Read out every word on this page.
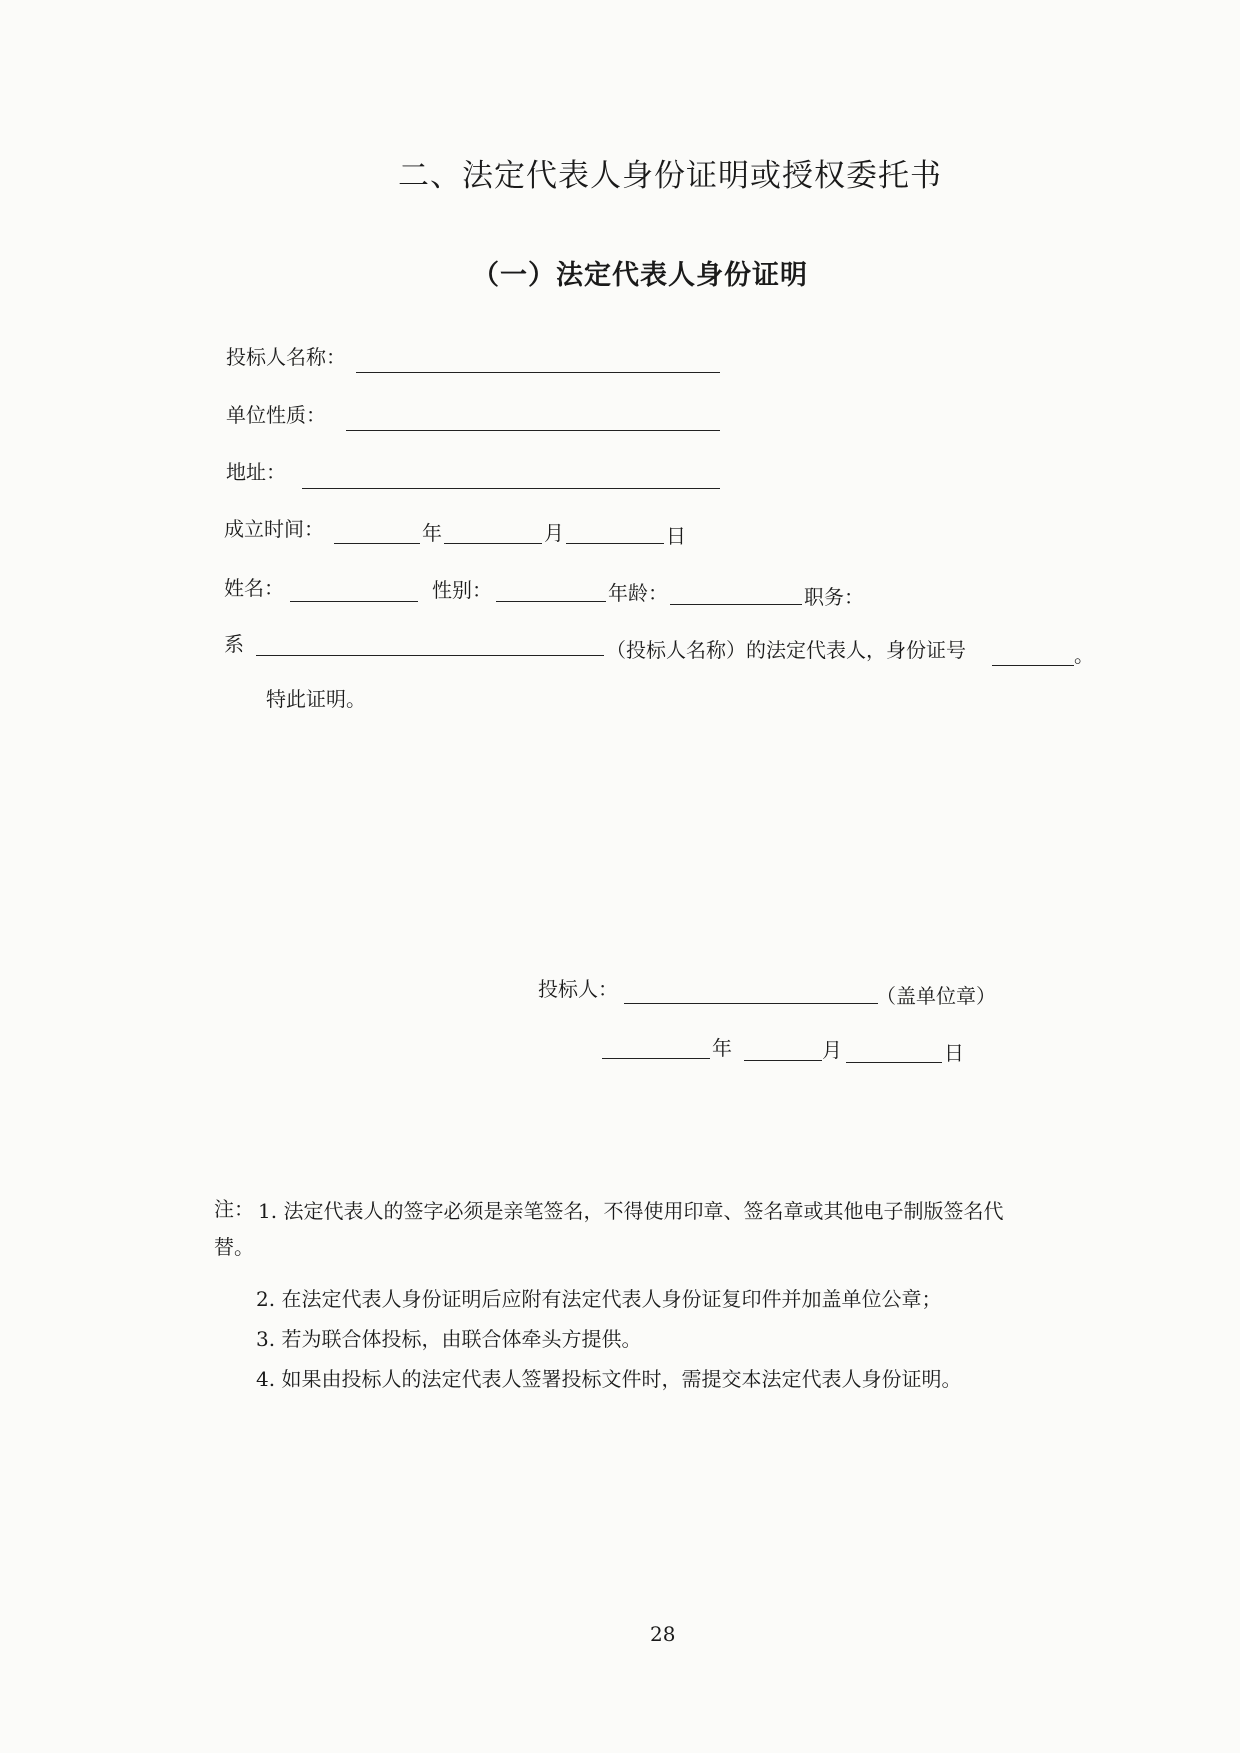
二、法定代表人身份证明或授权委托书
（一）法定代表人身份证明
投标人名称：
单位性质：
地址：
成立时间：	年	月	日
姓名：	性别：	年龄：	职务：
系	（投标人名称）的法定代表人，身份证号	。
特此证明。
投标人：	（盖单位章）
年	月	日
注： 1. 法定代表人的签字必须是亲笔签名，不得使用印章、签名章或其他电子制版签名代
替。
2. 在法定代表人身份证明后应附有法定代表人身份证复印件并加盖单位公章；
3. 若为联合体投标，由联合体牵头方提供。
4. 如果由投标人的法定代表人签署投标文件时，需提交本法定代表人身份证明。
28
